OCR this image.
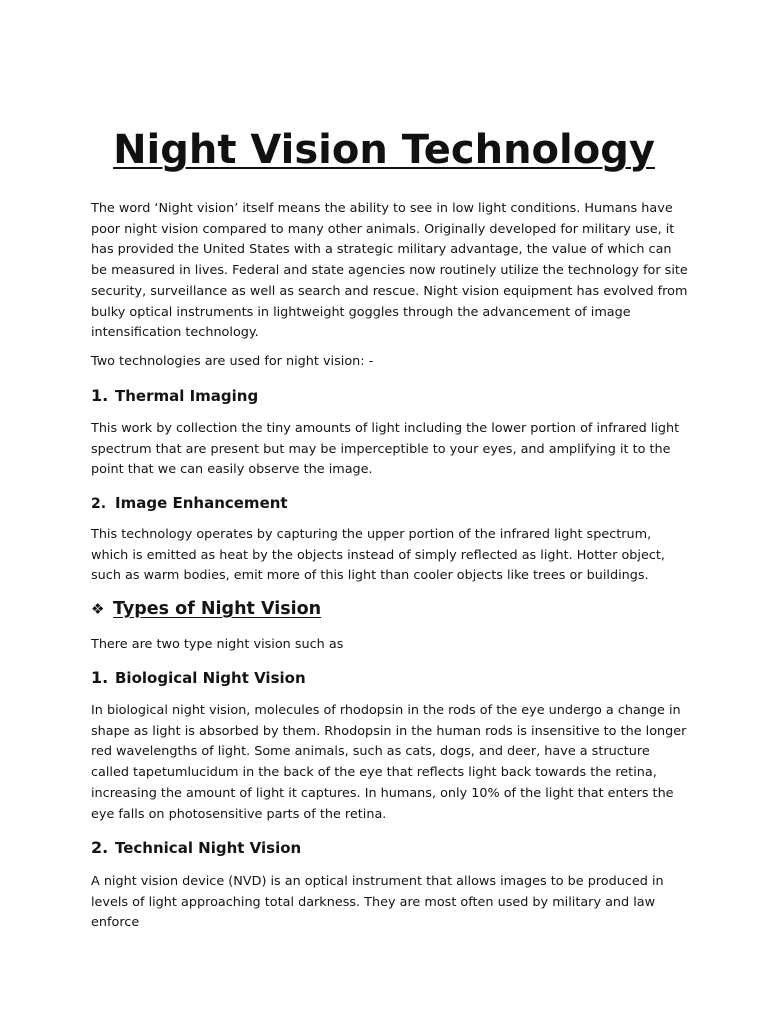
Night Vision Technology

The word ‘Night vision’ itself means the ability to see in low light conditions. Humans have poor night vision compared to many other animals. Originally developed for military use, it has provided the United States with a strategic military advantage, the value of which can be measured in lives. Federal and state agencies now routinely utilize the technology for site security, surveillance as well as search and rescue. Night vision equipment has evolved from bulky optical instruments in lightweight goggles through the advancement of image intensification technology.

Two technologies are used for night vision: -

1. Thermal Imaging

This work by collection the tiny amounts of light including the lower portion of infrared light spectrum that are present but may be imperceptible to your eyes, and amplifying it to the point that we can easily observe the image.

2. Image Enhancement

This technology operates by capturing the upper portion of the infrared light spectrum, which is emitted as heat by the objects instead of simply reflected as light. Hotter object, such as warm bodies, emit more of this light than cooler objects like trees or buildings.

❖ Types of Night Vision

There are two type night vision such as

1. Biological Night Vision

In biological night vision, molecules of rhodopsin in the rods of the eye undergo a change in shape as light is absorbed by them. Rhodopsin in the human rods is insensitive to the longer red wavelengths of light. Some animals, such as cats, dogs, and deer, have a structure called tapetumlucidum in the back of the eye that reflects light back towards the retina, increasing the amount of light it captures. In humans, only 10% of the light that enters the eye falls on photosensitive parts of the retina.

2. Technical Night Vision

A night vision device (NVD) is an optical instrument that allows images to be produced in levels of light approaching total darkness. They are most often used by military and law enforce
